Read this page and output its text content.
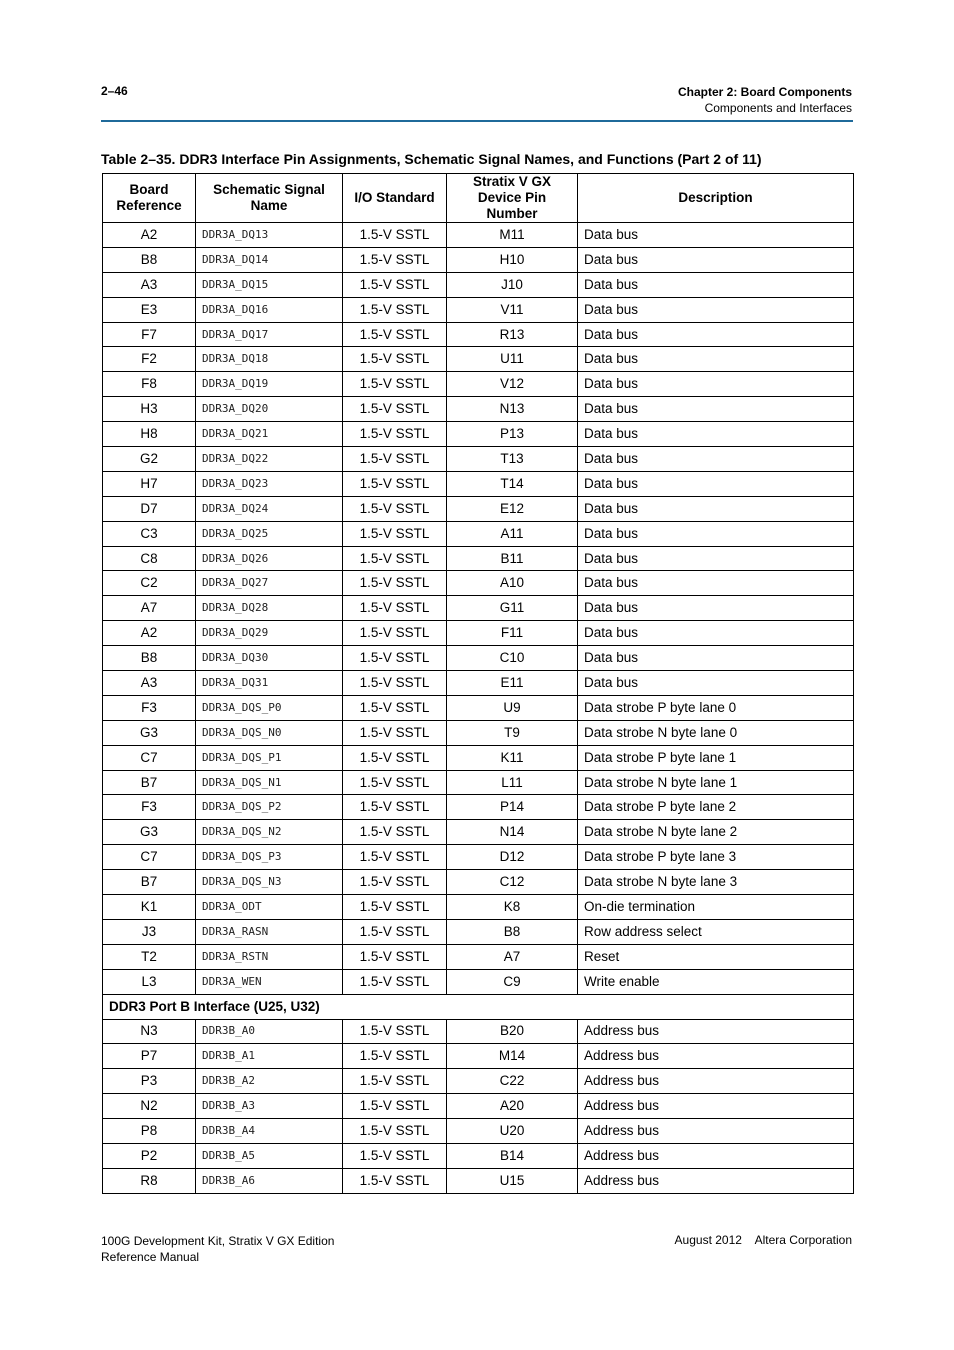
2–46	Chapter 2: Board Components
Components and Interfaces
Table 2–35. DDR3 Interface Pin Assignments, Schematic Signal Names, and Functions (Part 2 of 11)
Board Reference	Schematic Signal Name	I/O Standard	Stratix V GX Device Pin Number	Description
A2	DDR3A_DQ13	1.5-V SSTL	M11	Data bus
B8	DDR3A_DQ14	1.5-V SSTL	H10	Data bus
A3	DDR3A_DQ15	1.5-V SSTL	J10	Data bus
E3	DDR3A_DQ16	1.5-V SSTL	V11	Data bus
F7	DDR3A_DQ17	1.5-V SSTL	R13	Data bus
F2	DDR3A_DQ18	1.5-V SSTL	U11	Data bus
F8	DDR3A_DQ19	1.5-V SSTL	V12	Data bus
H3	DDR3A_DQ20	1.5-V SSTL	N13	Data bus
H8	DDR3A_DQ21	1.5-V SSTL	P13	Data bus
G2	DDR3A_DQ22	1.5-V SSTL	T13	Data bus
H7	DDR3A_DQ23	1.5-V SSTL	T14	Data bus
D7	DDR3A_DQ24	1.5-V SSTL	E12	Data bus
C3	DDR3A_DQ25	1.5-V SSTL	A11	Data bus
C8	DDR3A_DQ26	1.5-V SSTL	B11	Data bus
C2	DDR3A_DQ27	1.5-V SSTL	A10	Data bus
A7	DDR3A_DQ28	1.5-V SSTL	G11	Data bus
A2	DDR3A_DQ29	1.5-V SSTL	F11	Data bus
B8	DDR3A_DQ30	1.5-V SSTL	C10	Data bus
A3	DDR3A_DQ31	1.5-V SSTL	E11	Data bus
F3	DDR3A_DQS_P0	1.5-V SSTL	U9	Data strobe P byte lane 0
G3	DDR3A_DQS_N0	1.5-V SSTL	T9	Data strobe N byte lane 0
C7	DDR3A_DQS_P1	1.5-V SSTL	K11	Data strobe P byte lane 1
B7	DDR3A_DQS_N1	1.5-V SSTL	L11	Data strobe N byte lane 1
F3	DDR3A_DQS_P2	1.5-V SSTL	P14	Data strobe P byte lane 2
G3	DDR3A_DQS_N2	1.5-V SSTL	N14	Data strobe N byte lane 2
C7	DDR3A_DQS_P3	1.5-V SSTL	D12	Data strobe P byte lane 3
B7	DDR3A_DQS_N3	1.5-V SSTL	C12	Data strobe N byte lane 3
K1	DDR3A_ODT	1.5-V SSTL	K8	On-die termination
J3	DDR3A_RASN	1.5-V SSTL	B8	Row address select
T2	DDR3A_RSTN	1.5-V SSTL	A7	Reset
L3	DDR3A_WEN	1.5-V SSTL	C9	Write enable
DDR3 Port B Interface (U25, U32)				
N3	DDR3B_A0	1.5-V SSTL	B20	Address bus
P7	DDR3B_A1	1.5-V SSTL	M14	Address bus
P3	DDR3B_A2	1.5-V SSTL	C22	Address bus
N2	DDR3B_A3	1.5-V SSTL	A20	Address bus
P8	DDR3B_A4	1.5-V SSTL	U20	Address bus
P2	DDR3B_A5	1.5-V SSTL	B14	Address bus
R8	DDR3B_A6	1.5-V SSTL	U15	Address bus
100G Development Kit, Stratix V GX Edition
Reference Manual
August 2012    Altera Corporation
